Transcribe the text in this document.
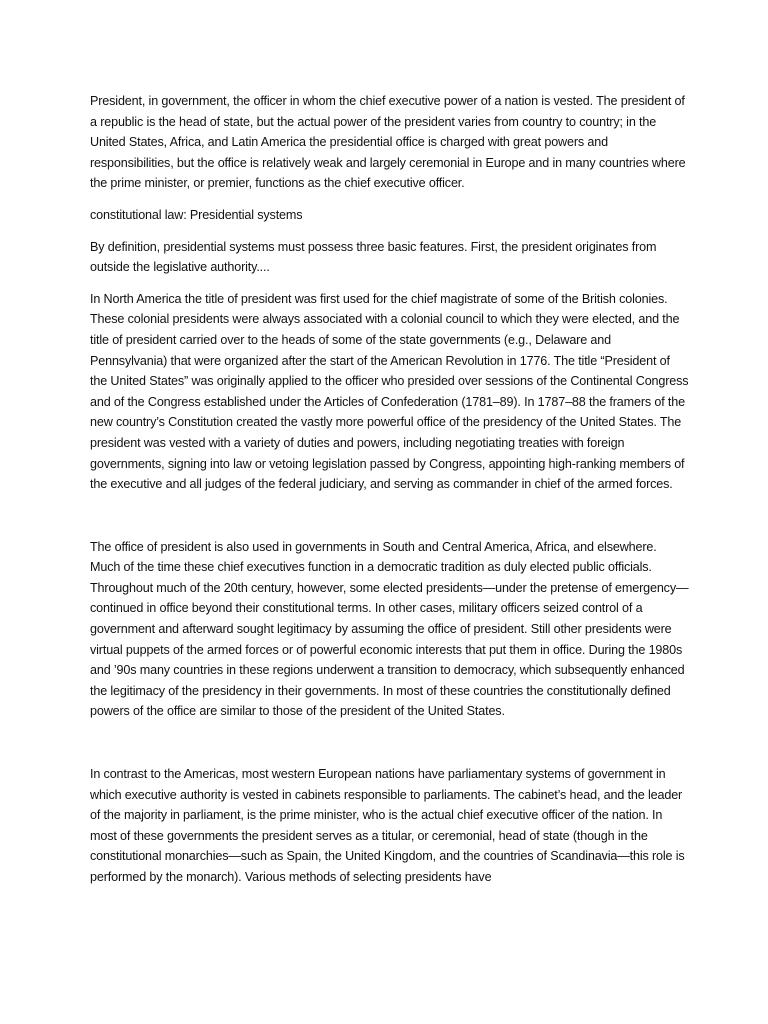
President, in government, the officer in whom the chief executive power of a nation is vested. The president of a republic is the head of state, but the actual power of the president varies from country to country; in the United States, Africa, and Latin America the presidential office is charged with great powers and responsibilities, but the office is relatively weak and largely ceremonial in Europe and in many countries where the prime minister, or premier, functions as the chief executive officer.

constitutional law: Presidential systems

By definition, presidential systems must possess three basic features. First, the president originates from outside the legislative authority....

In North America the title of president was first used for the chief magistrate of some of the British colonies. These colonial presidents were always associated with a colonial council to which they were elected, and the title of president carried over to the heads of some of the state governments (e.g., Delaware and Pennsylvania) that were organized after the start of the American Revolution in 1776. The title “President of the United States” was originally applied to the officer who presided over sessions of the Continental Congress and of the Congress established under the Articles of Confederation (1781–89). In 1787–88 the framers of the new country’s Constitution created the vastly more powerful office of the presidency of the United States. The president was vested with a variety of duties and powers, including negotiating treaties with foreign governments, signing into law or vetoing legislation passed by Congress, appointing high-ranking members of the executive and all judges of the federal judiciary, and serving as commander in chief of the armed forces.

The office of president is also used in governments in South and Central America, Africa, and elsewhere. Much of the time these chief executives function in a democratic tradition as duly elected public officials. Throughout much of the 20th century, however, some elected presidents—under the pretense of emergency—continued in office beyond their constitutional terms. In other cases, military officers seized control of a government and afterward sought legitimacy by assuming the office of president. Still other presidents were virtual puppets of the armed forces or of powerful economic interests that put them in office. During the 1980s and ’90s many countries in these regions underwent a transition to democracy, which subsequently enhanced the legitimacy of the presidency in their governments. In most of these countries the constitutionally defined powers of the office are similar to those of the president of the United States.

In contrast to the Americas, most western European nations have parliamentary systems of government in which executive authority is vested in cabinets responsible to parliaments. The cabinet’s head, and the leader of the majority in parliament, is the prime minister, who is the actual chief executive officer of the nation. In most of these governments the president serves as a titular, or ceremonial, head of state (though in the constitutional monarchies—such as Spain, the United Kingdom, and the countries of Scandinavia—this role is performed by the monarch). Various methods of selecting presidents have
